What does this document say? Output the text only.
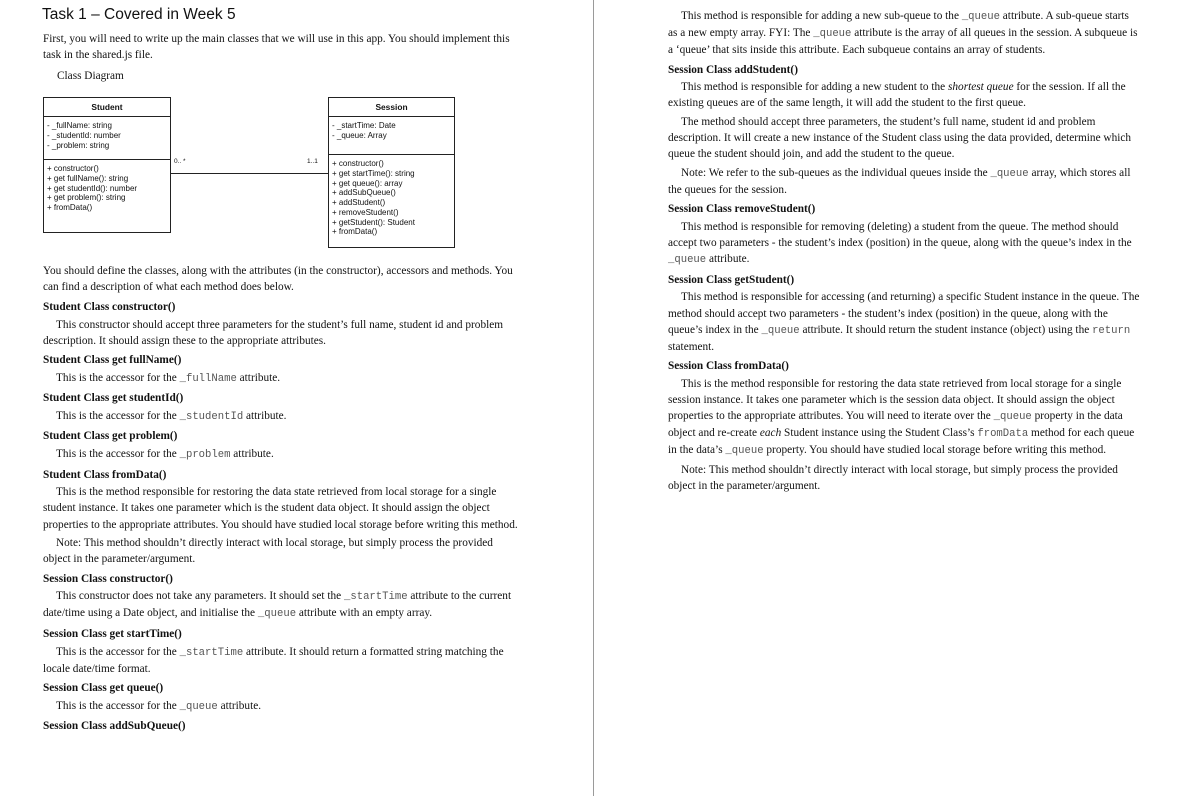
Task 1 – Covered in Week 5

First, you will need to write up the main classes that we will use in this app. You should implement this task in the shared.js file.

Class Diagram

Student
- _fullName: string
- _studentId: number
- _problem: string
+ constructor()
+ get fullName(): string
+ get studentId(): number
+ get problem(): string
+ fromData()
0.. *	1..1
Session
- _startTime: Date
- _queue: Array
+ constructor()
+ get startTime(): string
+ get queue(): array
+ addSubQueue()
+ addStudent()
+ removeStudent()
+ getStudent(): Student
+ fromData()

You should define the classes, along with the attributes (in the constructor), accessors and methods. You can find a description of what each method does below.

Student Class constructor()

This constructor should accept three parameters for the student’s full name, student id and problem description. It should assign these to the appropriate attributes.

Student Class get fullName()

This is the accessor for the _fullName attribute.

Student Class get studentId()

This is the accessor for the _studentId attribute.

Student Class get problem()

This is the accessor for the _problem attribute.

Student Class fromData()

This is the method responsible for restoring the data state retrieved from local storage for a single student instance. It takes one parameter which is the student data object. It should assign the object properties to the appropriate attributes. You should have studied local storage before writing this method.

Note: This method shouldn’t directly interact with local storage, but simply process the provided object in the parameter/argument.

Session Class constructor()

This constructor does not take any parameters. It should set the _startTime attribute to the current date/time using a Date object, and initialise the _queue attribute with an empty array.

Session Class get startTime()

This is the accessor for the _startTime attribute. It should return a formatted string matching the locale date/time format.

Session Class get queue()

This is the accessor for the _queue attribute.

Session Class addSubQueue()

This method is responsible for adding a new sub-queue to the _queue attribute. A sub-queue starts as a new empty array. FYI: The _queue attribute is the array of all queues in the session. A subqueue is a ‘queue’ that sits inside this attribute. Each subqueue contains an array of students.

Session Class addStudent()

This method is responsible for adding a new student to the shortest queue for the session. If all the existing queues are of the same length, it will add the student to the first queue.

The method should accept three parameters, the student’s full name, student id and problem description. It will create a new instance of the Student class using the data provided, determine which queue the student should join, and add the student to the queue.

Note: We refer to the sub-queues as the individual queues inside the _queue array, which stores all the queues for the session.

Session Class removeStudent()

This method is responsible for removing (deleting) a student from the queue. The method should accept two parameters - the student’s index (position) in the queue, along with the queue’s index in the _queue attribute.

Session Class getStudent()

This method is responsible for accessing (and returning) a specific Student instance in the queue. The method should accept two parameters - the student’s index (position) in the queue, along with the queue’s index in the _queue attribute. It should return the student instance (object) using the return statement.

Session Class fromData()

This is the method responsible for restoring the data state retrieved from local storage for a single session instance. It takes one parameter which is the session data object. It should assign the object properties to the appropriate attributes. You will need to iterate over the _queue property in the data object and re-create each Student instance using the Student Class’s fromData method for each queue in the data’s _queue property. You should have studied local storage before writing this method.

Note: This method shouldn’t directly interact with local storage, but simply process the provided object in the parameter/argument.
